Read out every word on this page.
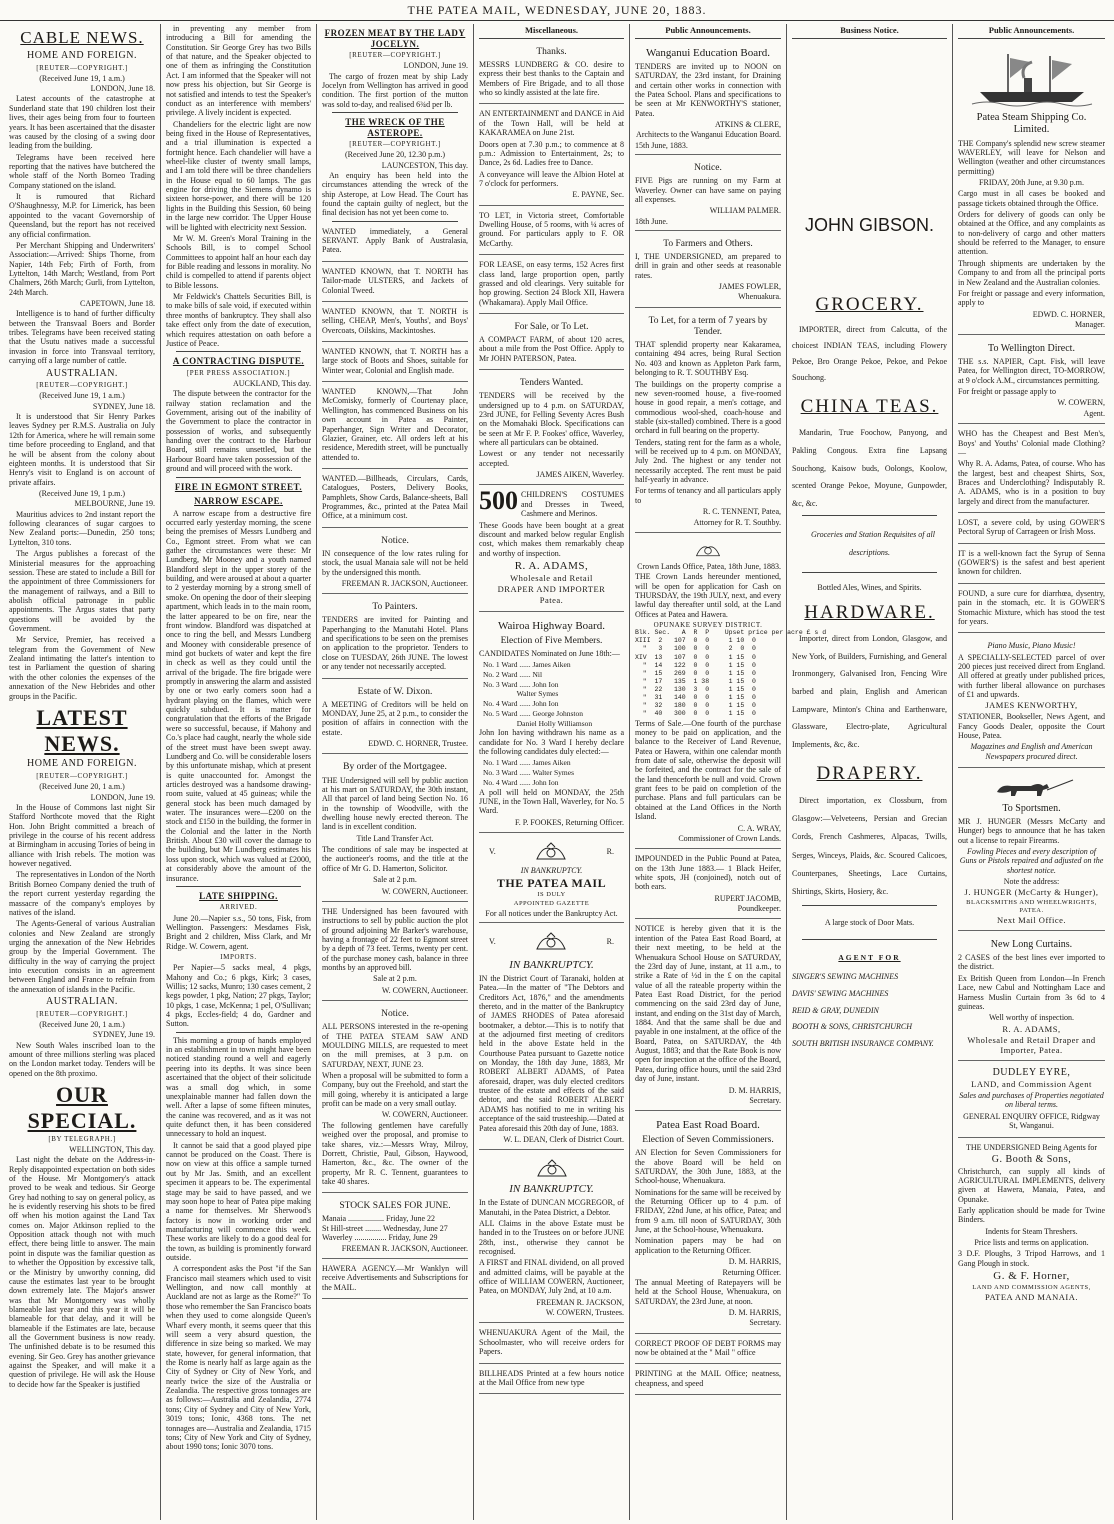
THE PATEA MAIL, WEDNESDAY, JUNE 20, 1883.
CABLE NEWS.
HOME AND FOREIGN.
[REUTER—COPYRIGHT.]
(Received June 19, 1 a.m.)
LONDON, June 18.

Latest accounts of the catastrophe at Sunderland state that 190 children lost their lives, their ages being from four to fourteen years. It has been ascertained that the disaster was caused by the closing of a swing door leading from the building.

Telegrams have been received here reporting that the natives have butchered the whole staff of the North Borneo Trading Company stationed on the island.

It is rumoured that Richard O'Shaughnessy, M.P. for Limerick, has been appointed to the vacant Governorship of Queensland, but the report has not received any official confirmation.

Per Merchant Shipping and Underwriters' Association:—Arrived: Ships Thorne, from Napier, 14th Feb; Firth of Forth, from Lyttelton, 14th March; Westland, from Port Chalmers, 26th March; Gurli, from Lyttelton, 24th March.

CAPETOWN, June 18.

Intelligence is to hand of further difficulty between the Transvaal Boers and Border tribes. Telegrams have been received stating that the Usutu natives made a successful invasion in force into Transvaal territory, carrying off a large number of cattle.

AUSTRALIAN.
[REUTER—COPYRIGHT.]
(Received June 19, 1 a.m.)
SYDNEY, June 18.

It is understood that Sir Henry Parkes leaves Sydney per R.M.S. Australia on July 12th for America, where he will remain some time before proceeding to England, and that he will be absent from the colony about eighteen months. It is understood that Sir Henry's visit to England is on account of private affairs.

(Received June 19, 1 p.m.)
MELBOURNE, June 19.

Mauritius advices to 2nd instant report the following clearances of sugar cargoes to New Zealand ports:—Dunedin, 250 tons; Lyttelton, 310 tons.

The Argus publishes a forecast of the Ministerial measures for the approaching session. These are stated to include a Bill for the appointment of three Commissioners for the management of railways, and a Bill to abolish official patronage in public appointments. The Argus states that party questions will be avoided by the Government.

Mr Service, Premier, has received a telegram from the Government of New Zealand intimating the latter's intention to test in Parliament the question of sharing with the other colonies the expenses of the annexation of the New Hebrides and other groups in the Pacific.

LATEST NEWS.
HOME AND FOREIGN.
[REUTER—COPYRIGHT.]
(Received June 20, 1 a.m.)
LONDON, June 19.

In the House of Commons last night Sir Stafford Northcote moved that the Right Hon. John Bright committed a breach of privilege in the course of his recent address at Birmingham in accusing Tories of being in alliance with Irish rebels. The motion was however negatived.

The representatives in London of the North British Borneo Company denied the truth of the report current yesterday regarding the massacre of the company's employes by natives of the island.

The Agents-General of various Australian colonies and New Zealand are strongly urging the annexation of the New Hebrides group by the Imperial Government. The difficulty in the way of carrying the project into execution consists in an agreement between England and France to refrain from the annexation of islands in the Pacific.

AUSTRALIAN.
[REUTER—COPYRIGHT.]
(Received June 20, 1 a.m.)
SYDNEY, June 19.

New South Wales inscribed loan to the amount of three millions sterling was placed on the London market today. Tenders will be opened on the 8th proximo.

OUR SPECIAL.
[BY TELEGRAPH.]
WELLINGTON, This day.

Last night the debate on the Address-in-Reply disappointed expectation on both sides of the House. Mr Montgomery's attack proved to be weak and tedious. Sir George Grey had nothing to say on general policy, as he is evidently reserving his shots to be fired off when his motion against the Land Tax comes on. Major Atkinson replied to the Opposition attack though not with much effect, there being little to answer. The main point in dispute was the familiar question as to whether the Opposition by excessive talk, or the Ministry by unworthy conning, did cause the estimates last year to be brought down extremely late. The Major's answer was that Mr Montgomery was wholly blameable last year and this year it will be blameable for that delay, and it will be blameable if the Estimates are late, because all the Government business is now ready. The unfinished debate is to be resumed this evening. Sir Geo. Grey has another grievance against the Speaker, and will make it a question of privilege. He will ask the House to decide how far the Speaker is justified

in preventing any member from introducing a Bill for amending the Constitution. Sir George Grey has two Bills of that nature, and the Speaker objected to one of them as infringing the Constitution Act. I am informed that the Speaker will not now press his objection, but Sir George is not satisfied and intends to test the Speaker's conduct as an interference with members' privilege. A lively incident is expected.

Chandeliers for the electric light are now being fixed in the House of Representatives, and a trial illumination is expected a fortnight hence. Each chandelier will have a wheel-like cluster of twenty small lamps, and I am told there will be three chandeliers in the House equal to 60 lamps. The gas engine for driving the Siemens dynamo is sixteen horse-power, and there will be 120 lights in the Building this Session, 60 being in the large new corridor. The Upper House will be lighted with electricity next Session.

Mr W. M. Green's Moral Training in the Schools Bill, is to compel School Committees to appoint half an hour each day for Bible reading and lessons in morality. No child is compelled to attend if parents object to Bible lessons.

Mr Feldwick's Chattels Securities Bill, is to make bills of sale void, if executed within three months of bankruptcy. They shall also take effect only from the date of execution, which requires attestation on oath before a Justice of Peace.

A CONTRACTING DISPUTE.
[PER PRESS ASSOCIATION.]
AUCKLAND, This day.

The dispute between the contractor for the railway station reclamation and the Government, arising out of the inability of the Government to place the contractor in possession of works, and subsequently handing over the contract to the Harbour Board, still remains unsettled, but the Harbour Board have taken possession of the ground and will proceed with the work.

FIRE IN EGMONT STREET.
NARROW ESCAPE.

A narrow escape from a destructive fire occurred early yesterday morning, the scene being the premises of Messrs Lundberg and Co., Egmont street. From what we can gather the circumstances were these: Mr Lundberg, Mr Mooney and a youth named Blandford slept in the upper storey of the building, and were aroused at about a quarter to 2 yesterday morning by a strong smell of smoke. On opening the door of their sleeping apartment, which leads in to the main room, the latter appeared to be on fire, near the front window. Blandford was dispatched at once to ring the bell, and Messrs Lundberg and Mooney with considerable presence of mind got buckets of water and kept the fire in check as well as they could until the arrival of the brigade. The fire brigade were promptly in answering the alarm and assisted by one or two early comers soon had a hydrant playing on the flames, which were quickly subdued. It is matter for congratulation that the efforts of the Brigade were so successful, because, if Mahony and Co.'s place had caught, nearly the whole side of the street must have been swept away. Lundberg and Co. will be considerable losers by this unfortunate mishap, which at present is quite unaccounted for. Amongst the articles destroyed was a handsome drawing-room suite, valued at 45 guineas; while the general stock has been much damaged by water. The insurances were—£200 on the stock and £150 in the building, the former in the Colonial and the latter in the North British. About £30 will cover the damage to the building, but Mr Lundberg estimates his loss upon stock, which was valued at £2000, at considerably above the amount of the insurance.

LATE SHIPPING.
ARRIVED.

June 20.—Napier s.s., 50 tons, Fisk, from Wellington. Passengers: Mesdames Fisk, Bright and 2 children, Miss Clark, and Mr Ridge. W. Cowern, agent.

IMPORTS.

Per Napier—5 sacks meal, 4 pkgs, Mahony and Co.; 6 pkgs, Kirk; 3 cases, Willis; 12 sacks, Munro; 130 cases cement, 2 kegs powder, 1 pkg, Nation; 27 pkgs, Taylor; 10 pkgs, 1 case, McKenna; 1 pel, O'Sullivan; 4 pkgs, Eccles-field; 4 do, Gardner and Sutton.

This morning a group of hands employed in an establishment in town might have been noticed standing round a well and eagerly peering into its depths. It was since been ascertained that the object of their solicitude was a small dog which, in some unexplainable manner had fallen down the well. After a lapse of some fifteen minutes, the canine was recovered, and as it was not quite defunct then, it has been considered unnecessary to hold an inquest.

It cannot be said that a good played pipe cannot be produced on the Coast. There is now on view at this office a sample turned out by Mr Jas. Smith, and an excellent specimen it appears to be. The experimental stage may be said to have passed, and we may soon hope to hear of Patea pipe making a name for themselves. Mr Sherwood's factory is now in working order and manufacturing will commence this week. These works are likely to do a good deal for the town, as building is prominently forward outside.

A correspondent asks the Post "if the San Francisco mail steamers which used to visit Wellington, and now call monthly at Auckland are not as large as the Rome?" To those who remember the San Francisco boats when they used to come alongside Queen's Wharf every month, it seems queer that this will seem a very absurd question, the difference in size being so marked. We may state, however, for general information, that the Rome is nearly half as large again as the City of Sydney or City of New York, and nearly twice the size of the Australia or Zealandia. The respective gross tonnages are as follows:—Australia and Zealandia, 2774 tons; City of Sydney and City of New York, 3019 tons; Ionic, 4368 tons. The net tonnages are—Australia and Zealandia, 1715 tons; City of New York and City of Sydney, about 1990 tons; Ionic 3070 tons.

FROZEN MEAT BY THE LADY JOCELYN.
[REUTER—COPYRIGHT.]
LONDON, June 19.

The cargo of frozen meat by ship Lady Jocelyn from Wellington has arrived in good condition. The first portion of the mutton was sold to-day, and realised 6¾d per lb.

THE WRECK OF THE ASTEROPE.
[REUTER—COPYRIGHT.]
(Received June 20, 12.30 p.m.)
LAUNCESTON, This day.

An enquiry has been held into the circumstances attending the wreck of the ship Asterope, at Low Head. The Court has found the captain guilty of neglect, but the final decision has not yet been come to.

WANTED immediately, a General SERVANT. Apply Bank of Australasia, Patea.

WANTED KNOWN, that T. NORTH has Tailor-made ULSTERS, and Jackets of Colonial Tweed.

WANTED KNOWN, that T. NORTH is selling, CHEAP, Men's, Youths', and Boys' Overcoats, Oilskins, Mackintoshes.

WANTED KNOWN, that T. NORTH has a large stock of Boots and Shoes, suitable for Winter wear, Colonial and English made.

WANTED KNOWN,—That John McComisky, formerly of Courtenay place, Wellington, has commenced Business on his own account in Patea as Painter, Paperhanger, Sign Writer and Decorator, Glazier, Grainer, etc. All orders left at his residence, Meredith street, will be punctually attended to.

WANTED.—Billheads, Circulars, Cards, Catalogues, Posters, Delivery Books, Pamphlets, Show Cards, Balance-sheets, Ball Programmes, &c., printed at the Patea Mail Office, at a minimum cost.

Notice.

IN consequence of the low rates ruling for stock, the usual Manaia sale will not be held by the undersigned this month.

FREEMAN R. JACKSON, Auctioneer.
To Painters.

TENDERS are invited for Painting and Paperhanging to the Manutahi Hotel. Plans and specifications to be seen on the premises on application to the proprietor. Tenders to close on TUESDAY, 26th JUNE. The lowest or any tender not necessarily accepted.

Estate of W. Dixon.

A MEETING of Creditors will be held on MONDAY, June 25, at 2 p.m., to consider the position of affairs in connection with the estate.

EDWD. C. HORNER, Trustee.
By order of the Mortgagee.

THE Undersigned will sell by public auction at his mart on SATURDAY, the 30th instant, All that parcel of land being Section No. 16 in the township of Woodville, with the dwelling house newly erected thereon. The land is in excellent condition.

Title Land Transfer Act.

The conditions of sale may be inspected at the auctioneer's rooms, and the title at the office of Mr G. D. Hamerton, Solicitor.

Sale at 2 p.m.

W. COWERN, Auctioneer.

THE Undersigned has been favoured with instructions to sell by public auction the plot of ground adjoining Mr Barker's warehouse, having a frontage of 22 feet to Egmont street by a depth of 73 feet. Terms, twenty per cent. of the purchase money cash, balance in three months by an approved bill.

Sale at 2 p.m.

W. COWERN, Auctioneer.
Notice.

ALL PERSONS interested in the re-opening of THE PATEA STEAM SAW AND MOULDING MILLS, are requested to meet on the mill premises, at 3 p.m. on SATURDAY, NEXT, JUNE 23.

When a proposal will be submitted to form a Company, buy out the Freehold, and start the mill going, whereby it is anticipated a large profit can be made on a very small outlay.

W. COWERN, Auctioneer.

The following gentlemen have carefully weighed over the proposal, and promise to take shares, viz.:—Messrs Wray, Milroy, Dorrett, Christie, Paul, Gibson, Haywood, Hamerton, &c., &c. The owner of the property, Mr R. C. Tennent, guarantees to take 40 shares.

STOCK SALES FOR JUNE.
Manaia .................. Friday, June 22
St Hill-street ........ Wednesday, June 27
Waverley ................ Friday, June 29
FREEMAN R. JACKSON, Auctioneer.

HAWERA AGENCY.—Mr Wanklyn will receive Advertisements and Subscriptions for the MAIL.

Miscellaneous.
Thanks.

MESSRS LUNDBERG & CO. desire to express their best thanks to the Captain and Members of Fire Brigade, and to all those who so kindly assisted at the late fire.

AN ENTERTAINMENT and DANCE in Aid of the Town Hall, will be held at KAKARAMEA on June 21st.

Doors open at 7.30 p.m.; to commence at 8 p.m.: Admission to Entertainment, 2s; to Dance, 2s 6d. Ladies free to Dance.

A conveyance will leave the Albion Hotel at 7 o'clock for performers.

E. PAYNE, Sec.

TO LET, in Victoria street, Comfortable Dwelling House, of 5 rooms, with ¼ acres of ground. For particulars apply to F. OR McCarthy.

FOR LEASE, on easy terms, 152 Acres first class land, large proportion open, partly grassed and old clearings. Very suitable for hop growing. Section 24 Block XII, Hawera (Whakamara). Apply Mail Office.

For Sale, or To Let.

A COMPACT FARM, of about 120 acres, about a mile from the Post Office. Apply to Mr JOHN PATERSON, Patea.

Tenders Wanted.

TENDERS will be received by the undersigned up to 4 p.m. on SATURDAY, 23rd JUNE, for Felling Seventy Acres Bush on the Momahaki Block. Specifications can be seen at Mr F. P. Fookes' office, Waverley, where all particulars can be obtained.

Lowest or any tender not necessarily accepted.

JAMES AIKEN, Waverley.
500 CHILDREN'S COSTUMES and Dresses in Tweed, Cashmere and Merinos.

These Goods have been bought at a great discount and marked below regular English cost, which makes them remarkably cheap and worthy of inspection.

R. A. ADAMS,
Wholesale and Retail
DRAPER AND IMPORTER
Patea.
Wairoa Highway Board.
Election of Five Members.

CANDIDATES Nominated on June 18th:—

No. 1 Ward ...... James Aiken
No. 2 Ward ...... Nil
No. 3 Ward ...... John Ion
Walter Symes
No. 4 Ward ...... John Ion
No. 5 Ward ...... George Johnston
Daniel Holly Williamson

John Ion having withdrawn his name as a candidate for No. 3 Ward I hereby declare the following candidates duly elected:—

No. 1 Ward ...... James Aiken
No. 3 Ward ...... Walter Symes
No. 4 Ward ...... John Ion

A poll will held on MONDAY, the 25th JUNE, in the Town Hall, Waverley, for No. 5 Ward.

F. P. FOOKES, Returning Officer.
V.	R.
IN BANKRUPTCY.
THE PATEA MAIL
IS DULY
APPOINTED GAZETTE
For all notices under the Bankruptcy Act.
V.	R.
IN BANKRUPTCY.

IN the District Court of Taranaki, holden at Patea.—In the matter of "The Debtors and Creditors Act, 1876," and the amendments thereto, and in the matter of the Bankruptcy of JAMES RHODES of Patea aforesaid bootmaker, a debtor.—This is to notify that at the adjourned first meeting of creditors held in the above Estate held in the Courthouse Patea pursuant to Gazette notice on Monday, the 18th day June, 1883, Mr ROBERT ALBERT ADAMS, of Patea aforesaid, draper, was duly elected creditors trustee of the estate and effects of the said debtor, and the said ROBERT ALBERT ADAMS has notified to me in writing his acceptance of the said trusteeship.—Dated at Patea aforesaid this 20th day of June, 1883.

W. L. DEAN, Clerk of District Court.
IN BANKRUPTCY.

In the Estate of DUNCAN MCGREGOR, of Manutahi, in the Patea District, a Debtor.

ALL Claims in the above Estate must be handed in to the Trustees on or before JUNE 28th, inst., otherwise they cannot be recognised.

A FIRST and FINAL dividend, on all proved and admitted claims, will be payable at the office of WILLIAM COWERN, Auctioneer, Patea, on MONDAY, July 2nd, at 10 a.m.

FREEMAN R. JACKSON,
W. COWERN, Trustees.

WHENUAKURA Agent of the Mail, the Schoolmaster, who will receive orders for Papers.

BILLHEADS Printed at a few hours notice at the Mail Office from new type

Public Announcements.
Wanganui Education Board.

TENDERS are invited up to NOON on SATURDAY, the 23rd instant, for Draining and certain other works in connection with the Patea School. Plans and specifications to be seen at Mr KENWORTHY'S stationer, Patea.

ATKINS & CLERE,
Architects to the Wanganui Education Board.
15th June, 1883.
Notice.

FIVE Pigs are running on my Farm at Waverley. Owner can have same on paying all expenses.

WILLIAM PALMER.
18th June.
To Farmers and Others.

I, THE UNDERSIGNED, am prepared to drill in grain and other seeds at reasonable rates.

JAMES FOWLER,
Whenuakura.
To Let, for a term of 7 years by Tender.

THAT splendid property near Kakaramea, containing 494 acres, being Rural Section No. 403 and known as Appleton Park farm, belonging to R. T. SOUTHBY Esq.

The buildings on the property comprise a new seven-roomed house, a five-roomed house in good repair, a men's cottage, and commodious wool-shed, coach-house and stable (six-stalled) combined. There is a good orchard in full bearing on the property.

Tenders, stating rent for the farm as a whole, will be received up to 4 p.m. on MONDAY, July 2nd. The highest or any tender not necessarily accepted. The rent must be paid half-yearly in advance.

For terms of tenancy and all particulars apply to

R. C. TENNENT, Patea,
Attorney for R. T. Southby.
Crown Lands Office, Patea, 18th June, 1883.

THE Crown Lands hereunder mentioned, will be open for application for Cash on THURSDAY, the 19th JULY, next, and every lawful day thereafter until sold, at the Land Offices at Patea and Hawera.

OPUNAKE SURVEY DISTRICT.
Blk. Sec.   A  R  P    Upset price per acre £ s d
XIII  2   107  0  0     1 10  0
"   3   100  0  0     2  0  0
XIV  13   107  0  0     1 15  0
"  14   122  0  0     1 15  0
"  15   269  0  0     1 15  0
"  17   135  1 38     1 15  0
"  22   130  3  0     1 15  0
"  31   140  0  0     1 15  0
"  32   180  0  0     1 15  0
"  40   300  0  0     1 15  0

Terms of Sale.—One fourth of the purchase money to be paid on application, and the balance to the Receiver of Land Revenue, Patea or Hawera, within one calendar month from date of sale, otherwise the deposit will be forfeited, and the contract for the sale of the land thenceforth be null and void. Crown grant fees to be paid on completion of the purchase. Plans and full particulars can be obtained at the Land Offices in the North Island.

C. A. WRAY,
Commissioner of Crown Lands.

IMPOUNDED in the Public Pound at Patea, on the 13th June 1883.— 1 Black Heifer, white spots, JH (conjoined), notch out of both ears.

RUPERT JACOMB,
Poundkeeper.

NOTICE is hereby given that it is the intention of the Patea East Road Board, at their next meeting, to be held at the Whenuakura School House on SATURDAY, the 23rd day of June, instant, at 11 a.m., to strike a Rate of ½d in the £ on the capital value of all the rateable property within the Patea East Road District, for the period commencing on the said 23rd day of June, instant, and ending on the 31st day of March, 1884. And that the same shall be due and payable in one instalment, at the office of the Board, Patea, on SATURDAY, the 4th August, 1883; and that the Rate Book is now open for inspection at the office of the Board, Patea, during office hours, until the said 23rd day of June, instant.

D. M. HARRIS,
Secretary.
Patea East Road Board.
Election of Seven Commissioners.

AN Election for Seven Commissioners for the above Board will be held on SATURDAY, the 30th June, 1883, at the School-house, Whenuakura.

Nominations for the same will be received by the Returning Officer up to 4 p.m. of FRIDAY, 22nd June, at his office, Patea; and from 9 a.m. till noon of SATURDAY, 30th June, at the School-house, Whenuakura.

Nomination papers may be had on application to the Returning Officer.

D. M. HARRIS,
Returning Officer.

The annual Meeting of Ratepayers will be held at the School House, Whenuakura, on SATURDAY, the 23rd June, at noon.

D. M. HARRIS,
Secretary.

CORRECT PROOF OF DEBT FORMS may now be obtained at the " Mail " office

PRINTING at the MAIL Office; neatness, cheapness, and speed

Business Notice.
JOHN GIBSON.
GROCERY.

IMPORTER, direct from Calcutta, of the choicest INDIAN TEAS, including Flowery Pekoe, Bro Orange Pekoe, Pekoe, and Pekoe Souchong.

CHINA TEAS.

Mandarin, True Foochow, Panyong, and Pakling Congous. Extra fine Lapsang Souchong, Kaisow buds, Oolongs, Koolow, scented Orange Pekoe, Moyune, Gunpowder, &c, &c.

Groceries and Station Requisites of all descriptions.

Bottled Ales, Wines, and Spirits.

HARDWARE.

Importer, direct from London, Glasgow, and New York, of Builders, Furnishing, and General Ironmongery, Galvanised Iron, Fencing Wire barbed and plain, English and American Lampware, Minton's China and Earthenware, Glassware, Electro-plate, Agricultural Implements, &c, &c.

DRAPERY.

Direct importation, ex Clossburn, from Glasgow:—Velveteens, Persian and Grecian Cords, French Cashmeres, Alpacas, Twills, Serges, Winceys, Plaids, &c. Scoured Calicoes, Counterpanes, Sheetings, Lace Curtains, Shirtings, Skirts, Hosiery, &c.

A large stock of Door Mats.

AGENT FOR
SINGER'S SEWING MACHINES
DAVIS' SEWING MACHINES
REID & GRAY, DUNEDIN
BOOTH & SONS, CHRISTCHURCH
SOUTH BRITISH INSURANCE COMPANY.
Public Announcements.
Patea Steam Shipping Co. Limited.

THE Company's splendid new screw steamer WAVERLEY, will leave for Nelson and Wellington (weather and other circumstances permitting)

FRIDAY, 20th June, at 9.30 p.m.

Cargo must in all cases be booked and passage tickets obtained through the Office.

Orders for delivery of goods can only be obtained at the Office, and any complaints as to non-delivery of cargo and other matters should be referred to the Manager, to ensure attention.

Through shipments are undertaken by the Company to and from all the principal ports in New Zealand and the Australian colonies.

For freight or passage and every information, apply to

EDWD. C. HORNER,
Manager.
To Wellington Direct.

THE s.s. NAPIER, Capt. Fisk, will leave Patea, for Wellington direct, TO-MORROW, at 9 o'clock A.M., circumstances permitting.

For freight or passage apply to

W. COWERN,
Agent.

WHO has the Cheapest and Best Men's, Boys' and Youths' Colonial made Clothing?—

Why R. A. Adams, Patea, of course. Who has the largest, best and cheapest Shirts, Sox, Braces and Underclothing? Indisputably R. A. ADAMS, who is in a position to buy largely and direct from the manufacturer.

LOST, a severe cold, by using GOWER'S Pectoral Syrup of Carrageen or Irish Moss.

IT is a well-known fact the Syrup of Senna (GOWER'S) is the safest and best aperient known for children.

FOUND, a sure cure for diarrhœa, dysentry, pain in the stomach, etc. It is GOWER'S Stomachic Mixture, which has stood the test for years.

Piano Music, Piano Music!

A SPECIALLY-SELECTED parcel of over 200 pieces just received direct from England. All offered at greatly under published prices, with further liberal allowance on purchases of £1 and upwards.

JAMES KENWORTHY,

STATIONER, Bookseller, News Agent, and Fancy Goods Dealer, opposite the Court House, Patea.

Magazines and English and American Newspapers procured direct.

To Sportsmen.

MR J. HUNGER (Messrs McCarty and Hunger) begs to announce that he has taken out a license to repair Firearms.

Fowling Pieces and every description of Guns or Pistols repaired and adjusted on the shortest notice.

Note the address:

J. HUNGER (McCarty & Hunger),
BLACKSMITHS AND WHEELWRIGHTS, PATEA.
Next Mail Office.
New Long Curtains.

2 CASES of the best lines ever imported to the district.

Ex British Queen from London—In French Lace, new Cabul and Nottingham Lace and Harness Muslin Curtain from 3s 6d to 4 guineas.

Well worthy of inspection.

R. A. ADAMS,
Wholesale and Retail Draper and Importer, Patea.
DUDLEY EYRE,
LAND, and Commission Agent

Sales and purchases of Properties negotiated on liberal terms.

GENERAL ENQUIRY OFFICE, Ridgway St, Wanganui.

THE UNDERSIGNED Being Agents for

G. Booth & Sons,

Christchurch, can supply all kinds of AGRICULTURAL IMPLEMENTS, delivery given at Hawera, Manaia, Patea, and Opunake.

Early application should be made for Twine Binders.

Indents for Steam Threshers.

Price lists and terms on application.

3 D.F. Ploughs, 3 Tripod Harrows, and 1 Gang Plough in stock.

G. & F. Horner,
LAND AND COMMISSION AGENTS,
PATEA AND MANAIA.
